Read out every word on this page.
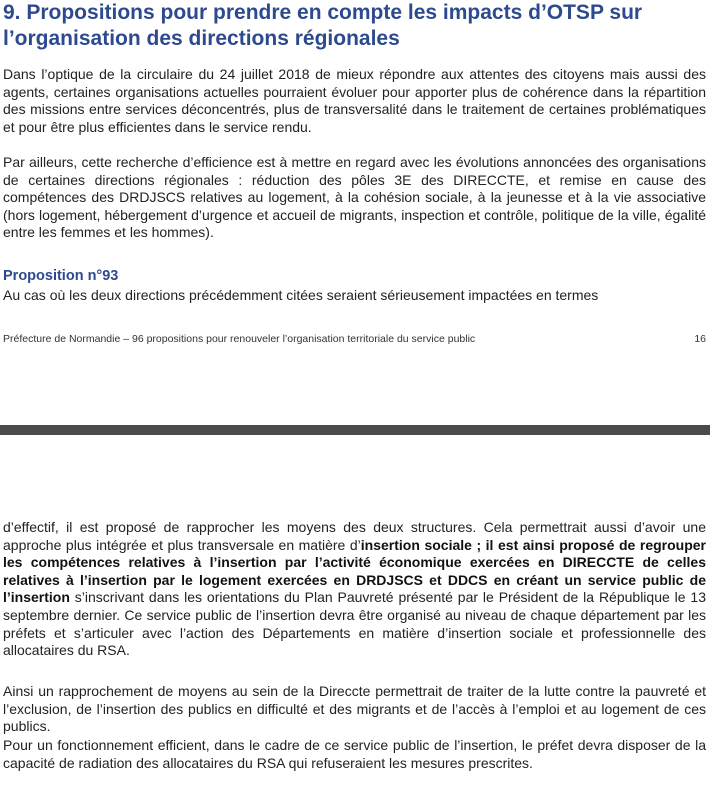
9. Propositions pour prendre en compte les impacts d’OTSP sur l’organisation des directions régionales

Dans l’optique de la circulaire du 24 juillet 2018 de mieux répondre aux attentes des citoyens mais aussi des agents, certaines organisations actuelles pourraient évoluer pour apporter plus de cohérence dans la répartition des missions entre services déconcentrés, plus de transversalité dans le traitement de certaines problématiques et pour être plus efficientes dans le service rendu.

Par ailleurs, cette recherche d’efficience est à mettre en regard avec les évolutions annoncées des organisations de certaines directions régionales : réduction des pôles 3E des DIRECCTE, et remise en cause des compétences des DRDJSCS relatives au logement, à la cohésion sociale, à la jeunesse et à la vie associative (hors logement, hébergement d’urgence et accueil de migrants, inspection et contrôle, politique de la ville, égalité entre les femmes et les hommes).

Proposition n°93

Au cas où les deux directions précédemment citées seraient sérieusement impactées en termes

Préfecture de Normandie – 96 propositions pour renouveler l’organisation territoriale du service public	16

d’effectif, il est proposé de rapprocher les moyens des deux structures. Cela permettrait aussi d’avoir une approche plus intégrée et plus transversale en matière d’insertion sociale ; il est ainsi proposé de regrouper les compétences relatives à l’insertion par l’activité économique exercées en DIRECCTE de celles relatives à l’insertion par le logement exercées en DRDJSCS et DDCS en créant un service public de l’insertion s’inscrivant dans les orientations du Plan Pauvreté présenté par le Président de la République le 13 septembre dernier. Ce service public de l’insertion devra être organisé au niveau de chaque département par les préfets et s’articuler avec l’action des Départements en matière d’insertion sociale et professionnelle des allocataires du RSA.

Ainsi un rapprochement de moyens au sein de la Direccte permettrait de traiter de la lutte contre la pauvreté et l’exclusion, de l’insertion des publics en difficulté et des migrants et de l’accès à l’emploi et au logement de ces publics.

Pour un fonctionnement efficient, dans le cadre de ce service public de l’insertion, le préfet devra disposer de la capacité de radiation des allocataires du RSA qui refuseraient les mesures prescrites.
